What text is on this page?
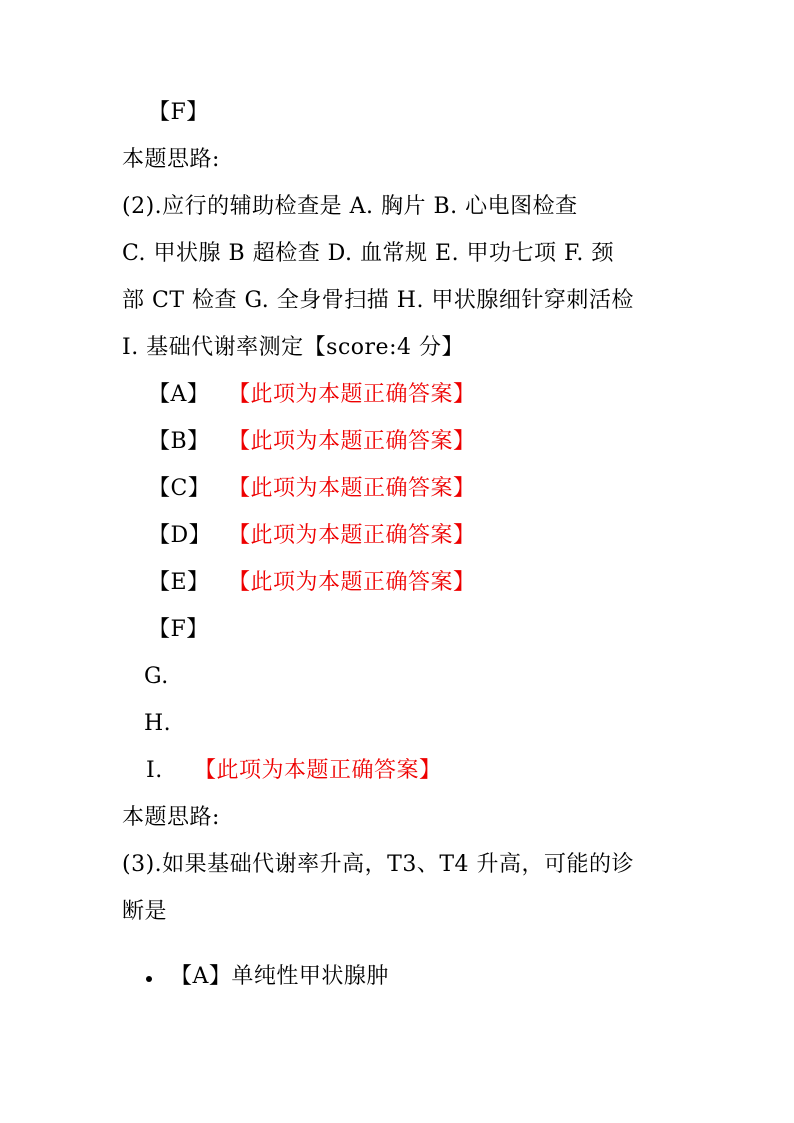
【F】
本题思路:
(2).应行的辅助检查是 A. 胸片 B. 心电图检查
C. 甲状腺 B 超检查 D. 血常规 E. 甲功七项 F. 颈
部 CT 检查 G. 全身骨扫描 H. 甲状腺细针穿刺活检
I. 基础代谢率测定【score:4 分】
【A】 【此项为本题正确答案】
【B】 【此项为本题正确答案】
【C】 【此项为本题正确答案】
【D】 【此项为本题正确答案】
【E】 【此项为本题正确答案】
【F】
G.
H.
I. 【此项为本题正确答案】
本题思路:
(3).如果基础代谢率升高，T3、T4 升高，可能的诊
断是
【A】单纯性甲状腺肿
